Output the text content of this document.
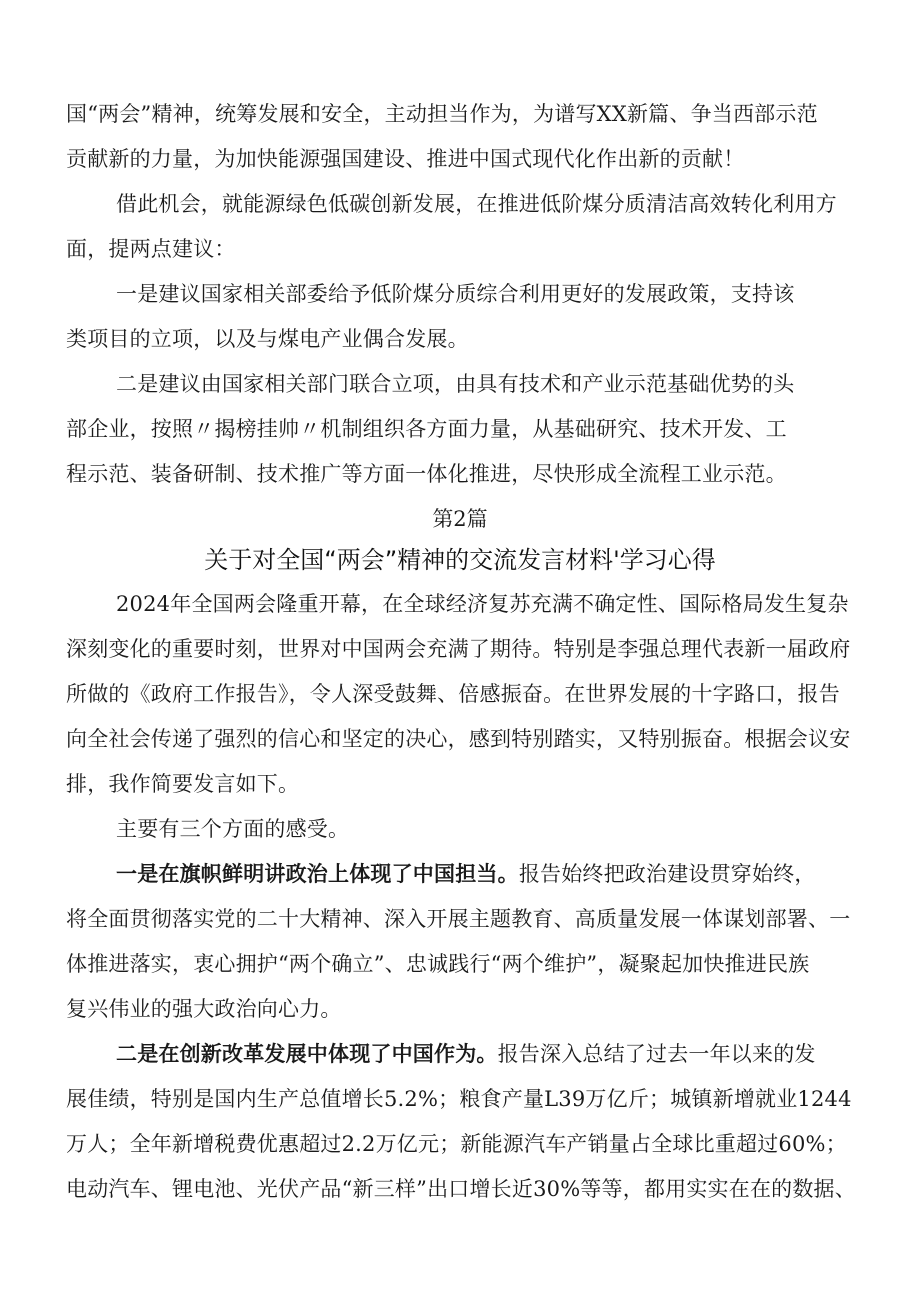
国“两会”精神，统筹发展和安全，主动担当作为，为谱写XX新篇、争当西部示范
贡献新的力量，为加快能源强国建设、推进中国式现代化作出新的贡献！
借此机会，就能源绿色低碳创新发展，在推进低阶煤分质清洁高效转化利用方
面，提两点建议：
一是建议国家相关部委给予低阶煤分质综合利用更好的发展政策，支持该
类项目的立项，以及与煤电产业偶合发展。
二是建议由国家相关部门联合立项，由具有技术和产业示范基础优势的头
部企业，按照〃揭榜挂帅〃机制组织各方面力量，从基础研究、技术开发、工
程示范、装备研制、技术推广等方面一体化推进，尽快形成全流程工业示范。
第2篇
关于对全国“两会”精神的交流发言材料'学习心得
2024年全国两会隆重开幕，在全球经济复苏充满不确定性、国际格局发生复杂
深刻变化的重要时刻，世界对中国两会充满了期待。特别是李强总理代表新一届政府
所做的《政府工作报告》，令人深受鼓舞、倍感振奋。在世界发展的十字路口，报告
向全社会传递了强烈的信心和坚定的决心，感到特别踏实，又特别振奋。根据会议安
排，我作简要发言如下。
主要有三个方面的感受。
一是在旗帜鲜明讲政治上体现了中国担当。报告始终把政治建设贯穿始终，
将全面贯彻落实党的二十大精神、深入开展主题教育、高质量发展一体谋划部署、一
体推进落实，衷心拥护“两个确立”、忠诚践行“两个维护”，凝聚起加快推进民族
复兴伟业的强大政治向心力。
二是在创新改革发展中体现了中国作为。报告深入总结了过去一年以来的发
展佳绩，特别是国内生产总值增长5.2%；粮食产量L39万亿斤；城镇新增就业1244
万人；全年新增税费优惠超过2.2万亿元；新能源汽车产销量占全球比重超过60%；
电动汽车、锂电池、光伏产品“新三样”出口增长近30%等等，都用实实在在的数据、
